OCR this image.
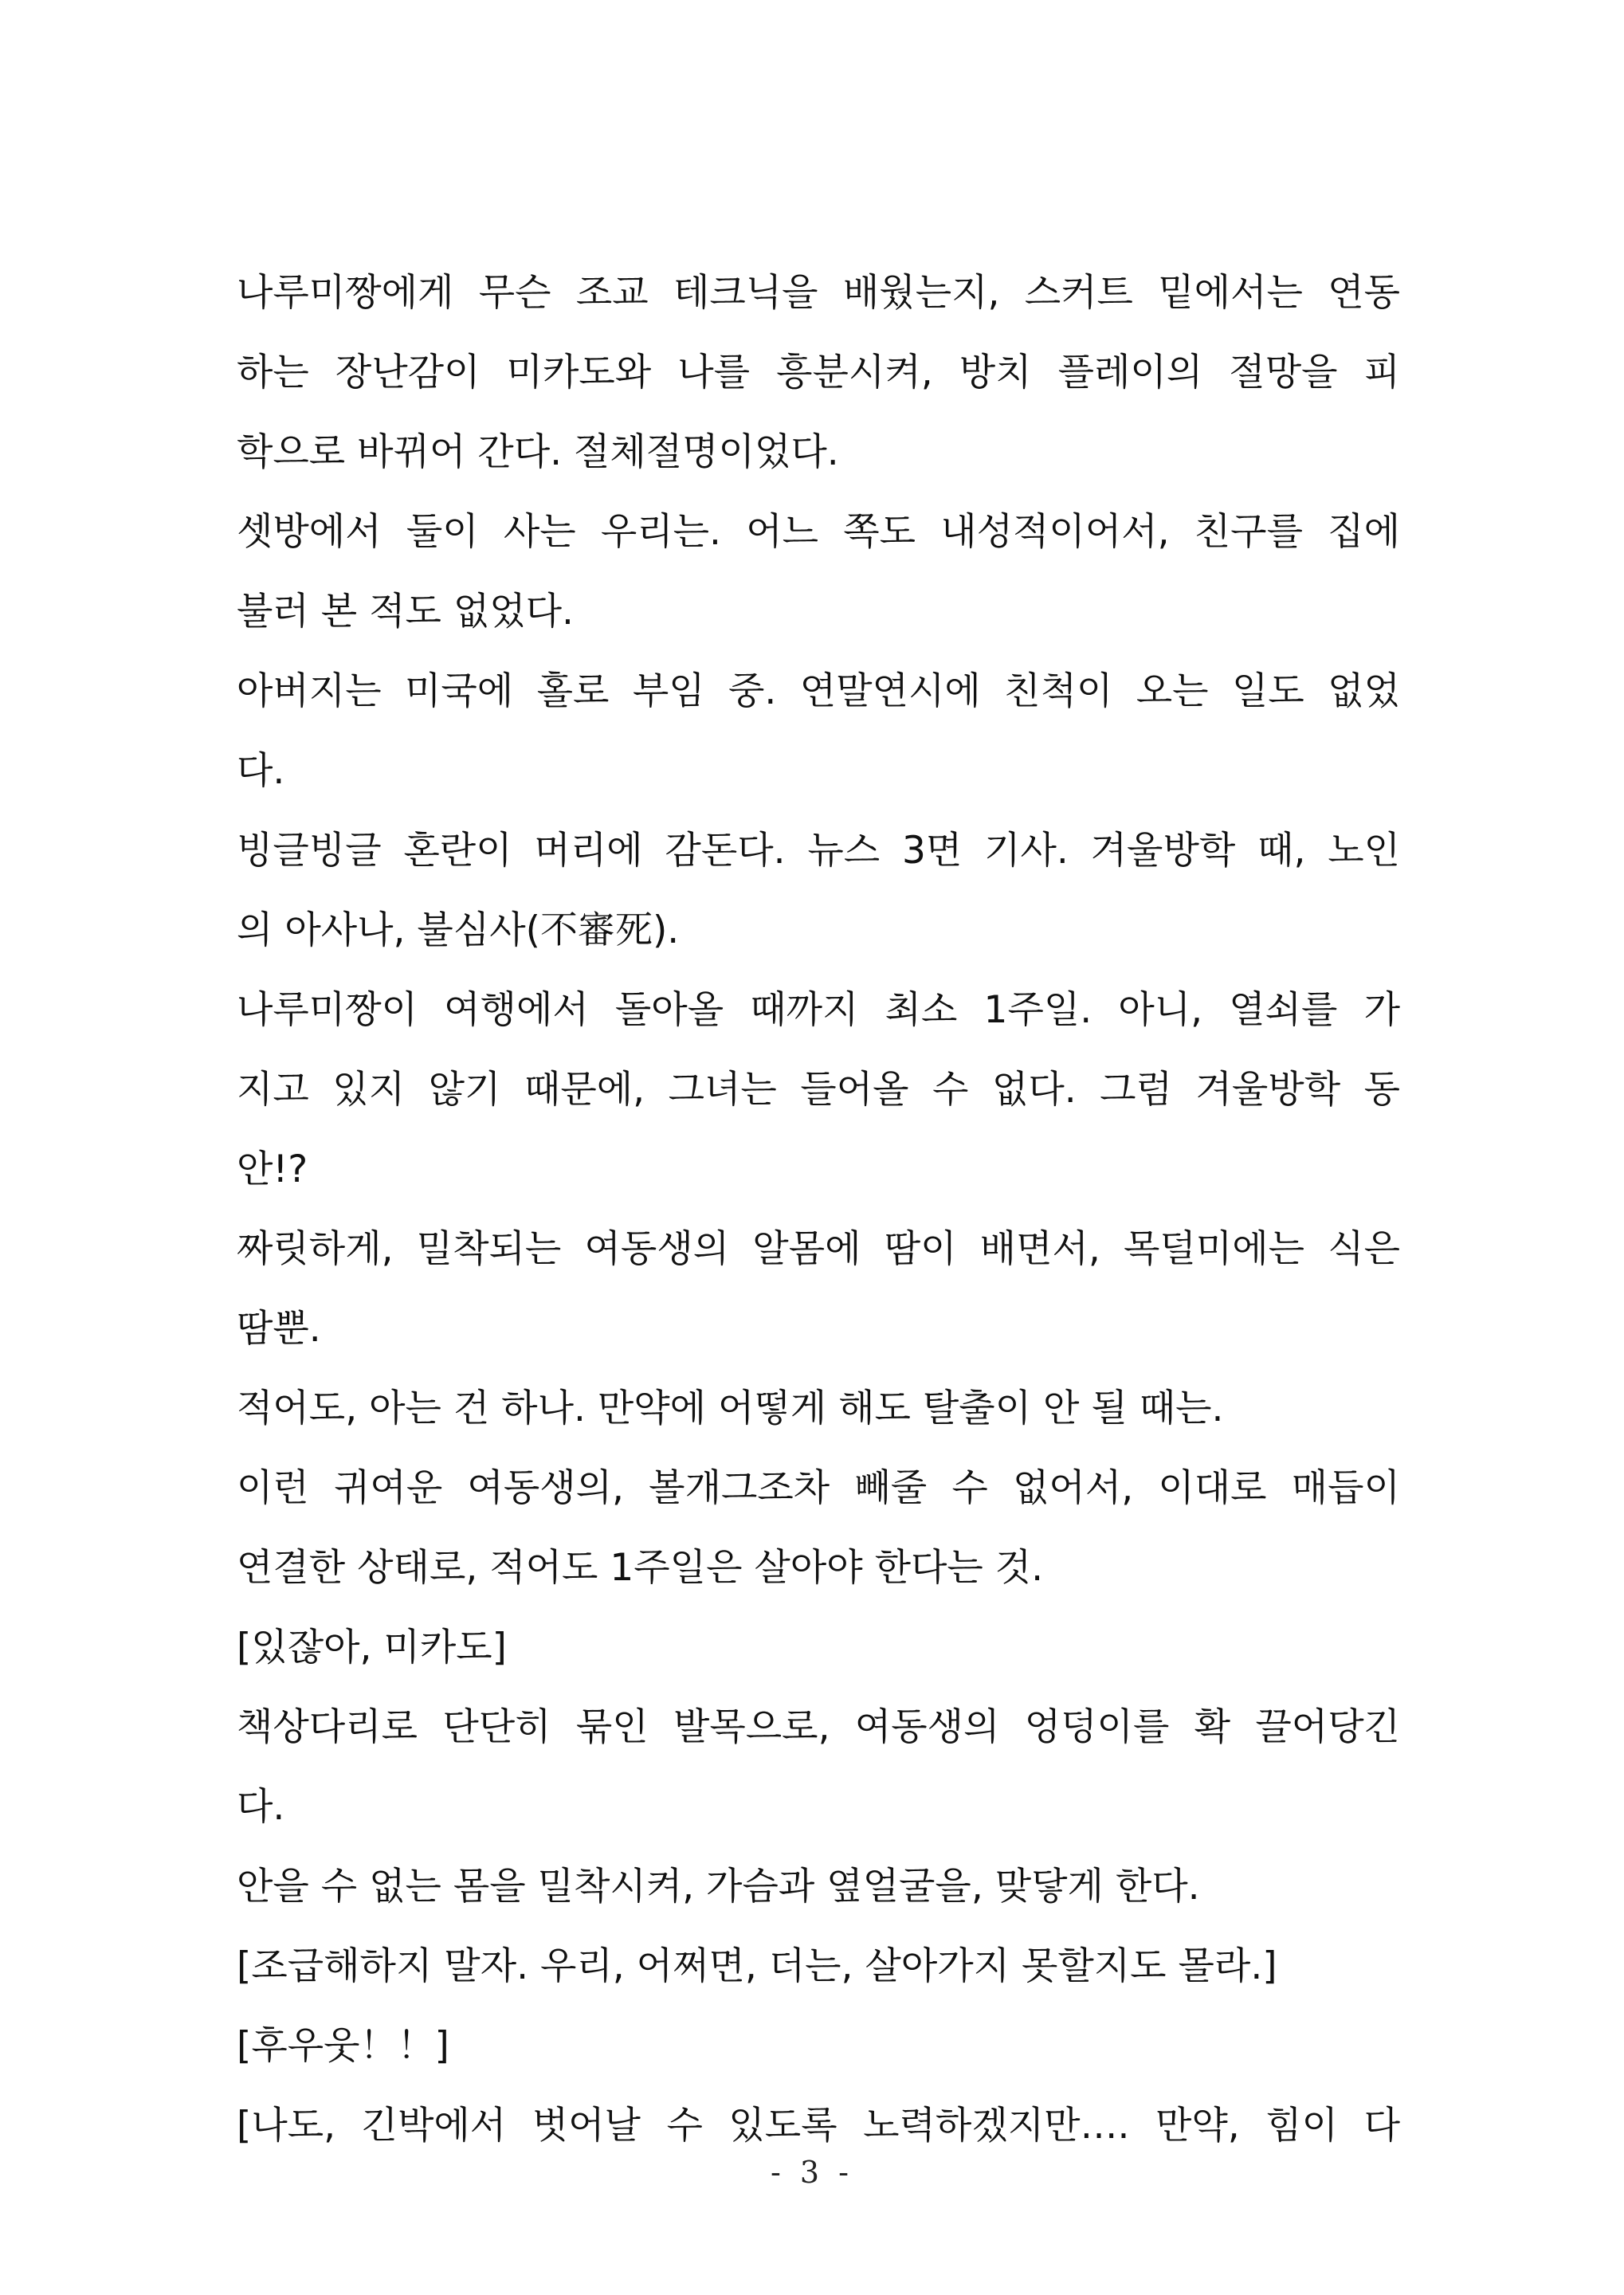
나루미짱에게 무슨 조교 테크닉을 배웠는지, 스커트 밑에서는 연동
하는 장난감이 미카도와 나를 흥분시켜, 방치 플레이의 절망을 피
학으로 바뀌어 간다. 절체절명이었다.
셋방에서 둘이 사는 우리는. 어느 쪽도 내성적이어서, 친구를 집에
불러 본 적도 없었다.
아버지는 미국에 홀로 부임 중. 연말연시에 친척이 오는 일도 없었
다.
빙글빙글 혼란이 머리에 감돈다. 뉴스 3면 기사. 겨울방학 때, 노인
의 아사나, 불심사(不審死).
나루미짱이 여행에서 돌아올 때까지 최소 1주일. 아니, 열쇠를 가
지고 있지 않기 때문에, 그녀는 들어올 수 없다. 그럼 겨울방학 동
안!?
짜릿하게, 밀착되는 여동생의 알몸에 땀이 배면서, 목덜미에는 식은
땀뿐.
적어도, 아는 건 하나. 만약에 어떻게 해도 탈출이 안 될 때는.
이런 귀여운 여동생의, 볼개그조차 빼줄 수 없어서, 이대로 매듭이
연결한 상태로, 적어도 1주일은 살아야 한다는 것.
[있잖아, 미카도]
책상다리로 단단히 묶인 발목으로, 여동생의 엉덩이를 확 끌어당긴
다.
안을 수 없는 몸을 밀착시켜, 가슴과 옆얼굴을, 맞닿게 한다.
[조급해하지 말자. 우리, 어쩌면, 더는, 살아가지 못할지도 몰라.]
[후우웃！！]
[나도, 긴박에서 벗어날 수 있도록 노력하겠지만…. 만약, 힘이 다
- 3 -
